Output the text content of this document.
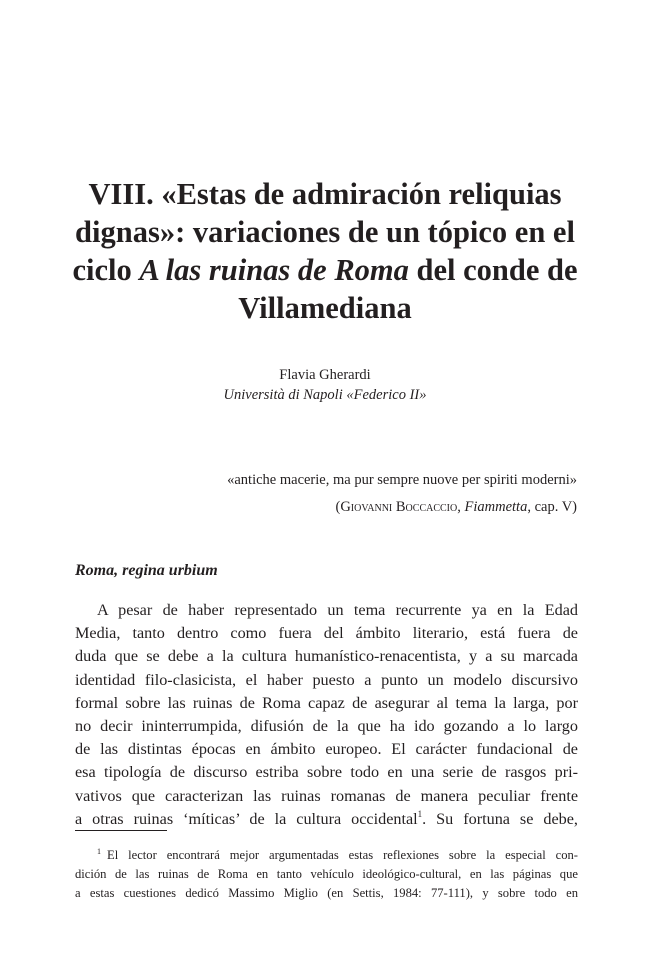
VIII. «Estas de admiración reliquias dignas»: variaciones de un tópico en el ciclo A las ruinas de Roma del conde de Villamediana
Flavia Gherardi
Università di Napoli «Federico II»
«antiche macerie, ma pur sempre nuove per spiriti moderni»
(Giovanni Boccaccio, Fiammetta, cap. V)
Roma, regina urbium
A pesar de haber representado un tema recurrente ya en la Edad
Media, tanto dentro como fuera del ámbito literario, está fuera de
duda que se debe a la cultura humanístico-renacentista, y a su marcada
identidad filo-clasicista, el haber puesto a punto un modelo discursivo
formal sobre las ruinas de Roma capaz de asegurar al tema la larga, por
no decir ininterrumpida, difusión de la que ha ido gozando a lo largo
de las distintas épocas en ámbito europeo. El carácter fundacional de
esa tipología de discurso estriba sobre todo en una serie de rasgos pri-
vativos que caracterizan las ruinas romanas de manera peculiar frente
a otras ruinas ‘míticas’ de la cultura occidental$^1$. Su fortuna se debe,
$^1$ El lector encontrará mejor argumentadas estas reflexiones sobre la especial con-
dición de las ruinas de Roma en tanto vehículo ideológico-cultural, en las páginas que
a estas cuestiones dedicó Massimo Miglio (en Settis, 1984: 77-111), y sobre todo en
